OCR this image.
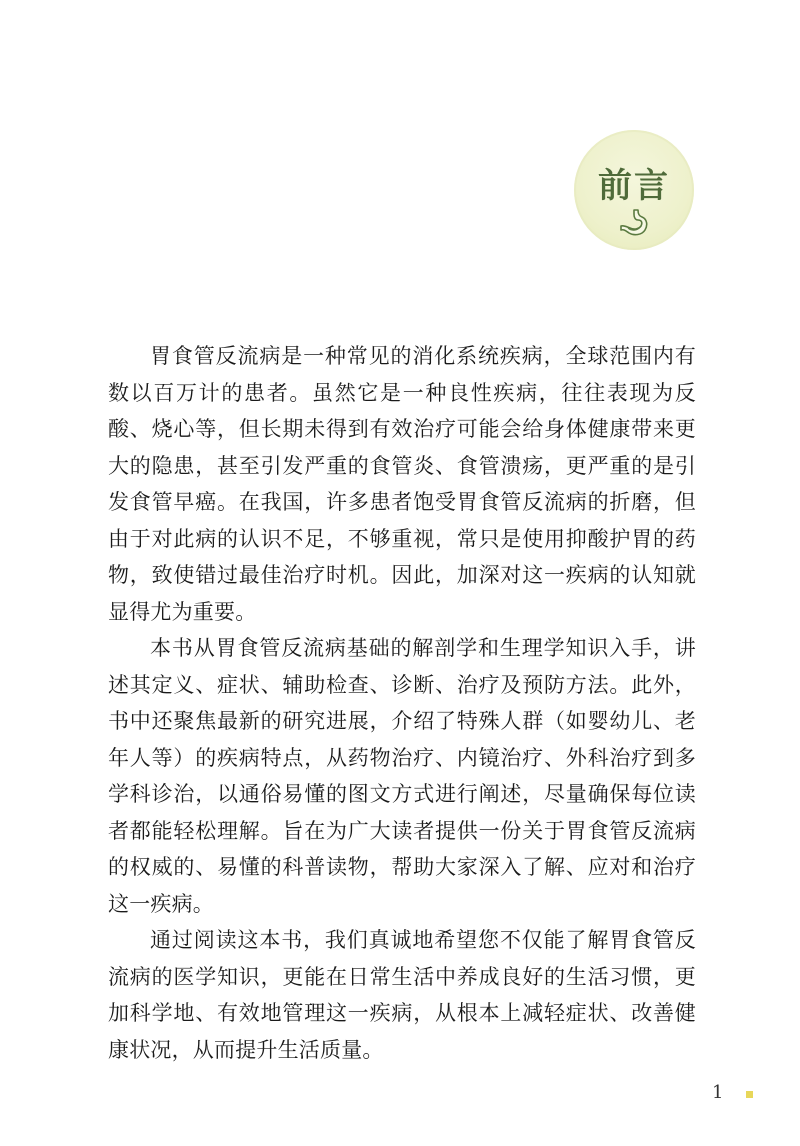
前言

胃食管反流病是一种常见的消化系统疾病，全球范围内有数以百万计的患者。虽然它是一种良性疾病，往往表现为反酸、烧心等，但长期未得到有效治疗可能会给身体健康带来更大的隐患，甚至引发严重的食管炎、食管溃疡，更严重的是引发食管早癌。在我国，许多患者饱受胃食管反流病的折磨，但由于对此病的认识不足，不够重视，常只是使用抑酸护胃的药物，致使错过最佳治疗时机。因此，加深对这一疾病的认知就显得尤为重要。

本书从胃食管反流病基础的解剖学和生理学知识入手，讲述其定义、症状、辅助检查、诊断、治疗及预防方法。此外，书中还聚焦最新的研究进展，介绍了特殊人群（如婴幼儿、老年人等）的疾病特点，从药物治疗、内镜治疗、外科治疗到多学科诊治，以通俗易懂的图文方式进行阐述，尽量确保每位读者都能轻松理解。旨在为广大读者提供一份关于胃食管反流病的权威的、易懂的科普读物，帮助大家深入了解、应对和治疗这一疾病。

通过阅读这本书，我们真诚地希望您不仅能了解胃食管反流病的医学知识，更能在日常生活中养成良好的生活习惯，更加科学地、有效地管理这一疾病，从根本上减轻症状、改善健康状况，从而提升生活质量。

1
